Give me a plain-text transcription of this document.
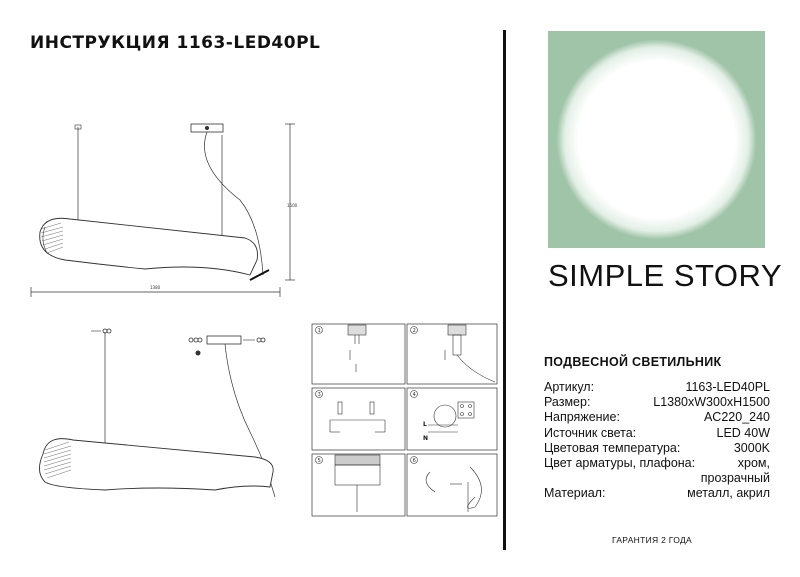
ИНСТРУКЦИЯ 1163-LED40PL
1380
1500
1	2
3	4
5	6
L
N
SIMPLE STORY
ПОДВЕСНОЙ СВЕТИЛЬНИК
Артикул:	1163-LED40PL
Размер:	L1380xW300xH1500
Напряжение:	AC220_240
Источник света:	LED 40W
Цветовая температура:	3000K
Цвет арматуры, плафона:	хром,
прозрачный
Материал:	металл, акрил
ГАРАНТИЯ 2 ГОДА
